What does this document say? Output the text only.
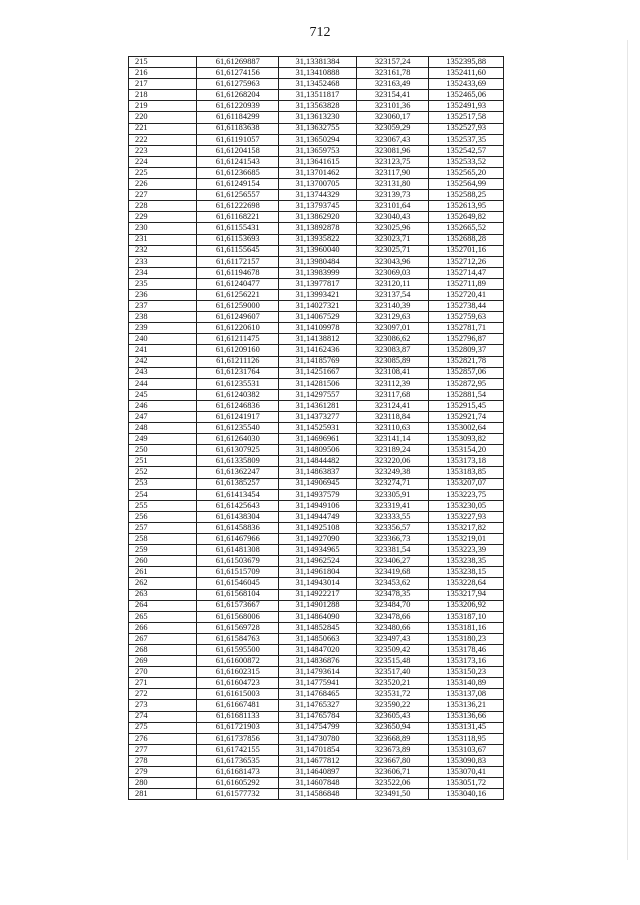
712
215	61,61269887	31,13381384	323157,24	1352395,88
216	61,61274156	31,13410888	323161,78	1352411,60
217	61,61275963	31,13452468	323163,49	1352433,69
218	61,61268204	31,13511817	323154,41	1352465,06
219	61,61220939	31,13563828	323101,36	1352491,93
220	61,61184299	31,13613230	323060,17	1352517,58
221	61,61183638	31,13632755	323059,29	1352527,93
222	61,61191057	31,13650294	323067,43	1352537,35
223	61,61204158	31,13659753	323081,96	1352542,57
224	61,61241543	31,13641615	323123,75	1352533,52
225	61,61236685	31,13701462	323117,90	1352565,20
226	61,61249154	31,13700705	323131,80	1352564,99
227	61,61256557	31,13744329	323139,73	1352588,25
228	61,61222698	31,13793745	323101,64	1352613,95
229	61,61168221	31,13862920	323040,43	1352649,82
230	61,61155431	31,13892878	323025,96	1352665,52
231	61,61153693	31,13935822	323023,71	1352688,28
232	61,61155645	31,13960040	323025,71	1352701,16
233	61,61172157	31,13980484	323043,96	1352712,26
234	61,61194678	31,13983999	323069,03	1352714,47
235	61,61240477	31,13977817	323120,11	1352711,89
236	61,61256221	31,13993421	323137,54	1352720,41
237	61,61259000	31,14027321	323140,39	1352738,44
238	61,61249607	31,14067529	323129,63	1352759,63
239	61,61220610	31,14109978	323097,01	1352781,71
240	61,61211475	31,14138812	323086,62	1352796,87
241	61,61209160	31,14162436	323083,87	1352809,37
242	61,61211126	31,14185769	323085,89	1352821,78
243	61,61231764	31,14251667	323108,41	1352857,06
244	61,61235531	31,14281506	323112,39	1352872,95
245	61,61240382	31,14297557	323117,68	1352881,54
246	61,61246836	31,14361281	323124,41	1352915,45
247	61,61241917	31,14373277	323118,84	1352921,74
248	61,61235540	31,14525931	323110,63	1353002,64
249	61,61264030	31,14696961	323141,14	1353093,82
250	61,61307925	31,14809506	323189,24	1353154,20
251	61,61335809	31,14844482	323220,06	1353173,18
252	61,61362247	31,14863837	323249,38	1353183,85
253	61,61385257	31,14906945	323274,71	1353207,07
254	61,61413454	31,14937579	323305,91	1353223,75
255	61,61425643	31,14949106	323319,41	1353230,05
256	61,61438304	31,14944749	323333,55	1353227,93
257	61,61458836	31,14925108	323356,57	1353217,82
258	61,61467966	31,14927090	323366,73	1353219,01
259	61,61481308	31,14934965	323381,54	1353223,39
260	61,61503679	31,14962524	323406,27	1353238,35
261	61,61515709	31,14961804	323419,68	1353238,15
262	61,61546045	31,14943014	323453,62	1353228,64
263	61,61568104	31,14922217	323478,35	1353217,94
264	61,61573667	31,14901288	323484,70	1353206,92
265	61,61568006	31,14864090	323478,66	1353187,10
266	61,61569728	31,14852845	323480,66	1353181,16
267	61,61584763	31,14850663	323497,43	1353180,23
268	61,61595500	31,14847020	323509,42	1353178,46
269	61,61600872	31,14836876	323515,48	1353173,16
270	61,61602315	31,14793614	323517,40	1353150,23
271	61,61604723	31,14775941	323520,21	1353140,89
272	61,61615003	31,14768465	323531,72	1353137,08
273	61,61667481	31,14765327	323590,22	1353136,21
274	61,61681133	31,14765784	323605,43	1353136,66
275	61,61721903	31,14754799	323650,94	1353131,45
276	61,61737856	31,14730780	323668,89	1353118,95
277	61,61742155	31,14701854	323673,89	1353103,67
278	61,61736535	31,14677812	323667,80	1353090,83
279	61,61681473	31,14640897	323606,71	1353070,41
280	61,61605292	31,14607848	323522,06	1353051,72
281	61,61577732	31,14586848	323491,50	1353040,16
